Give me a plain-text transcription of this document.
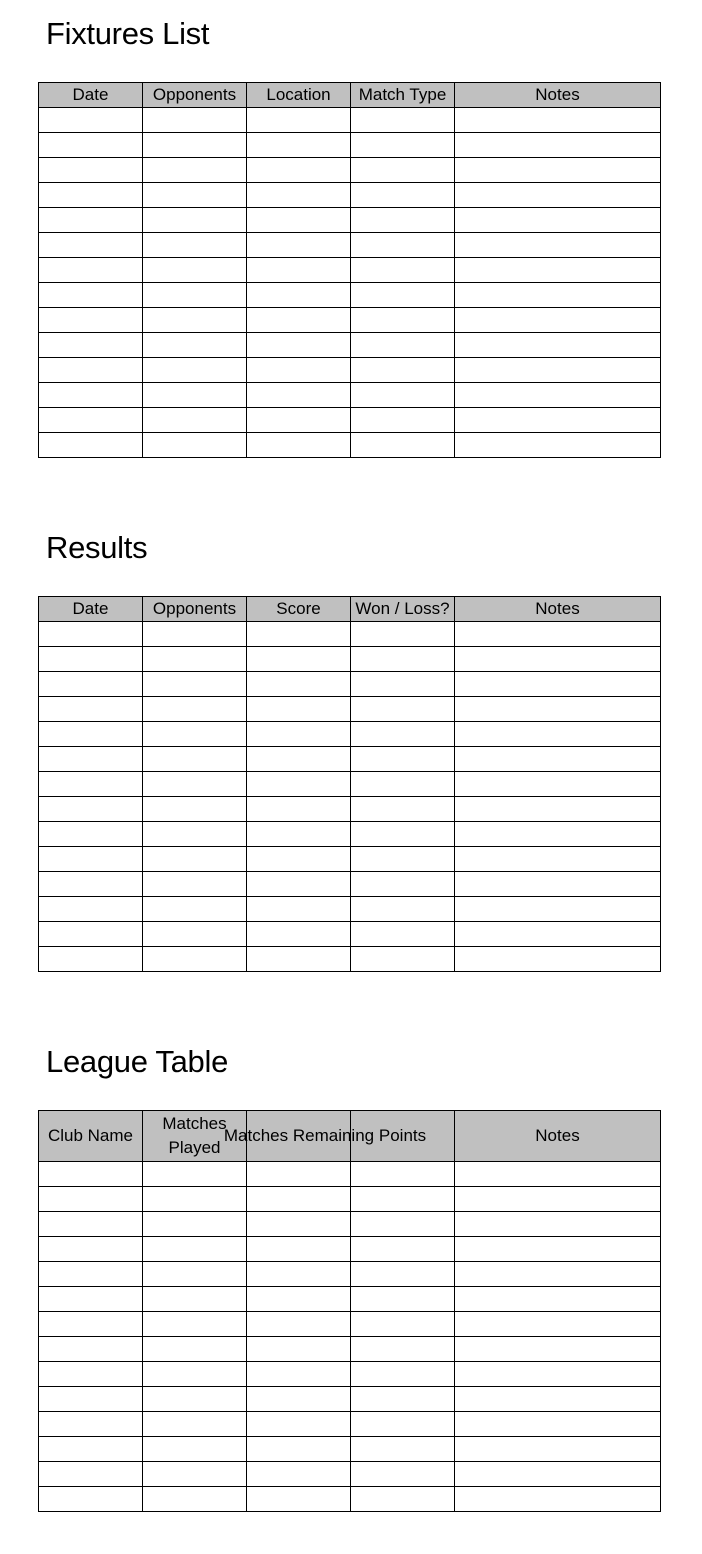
Fixtures List
Date	Opponents	Location	Match Type	Notes

Results
Date	Opponents	Score	Won / Loss?	Notes

League Table
Club Name	Matches Played	Matches Remaining	Points	Notes
